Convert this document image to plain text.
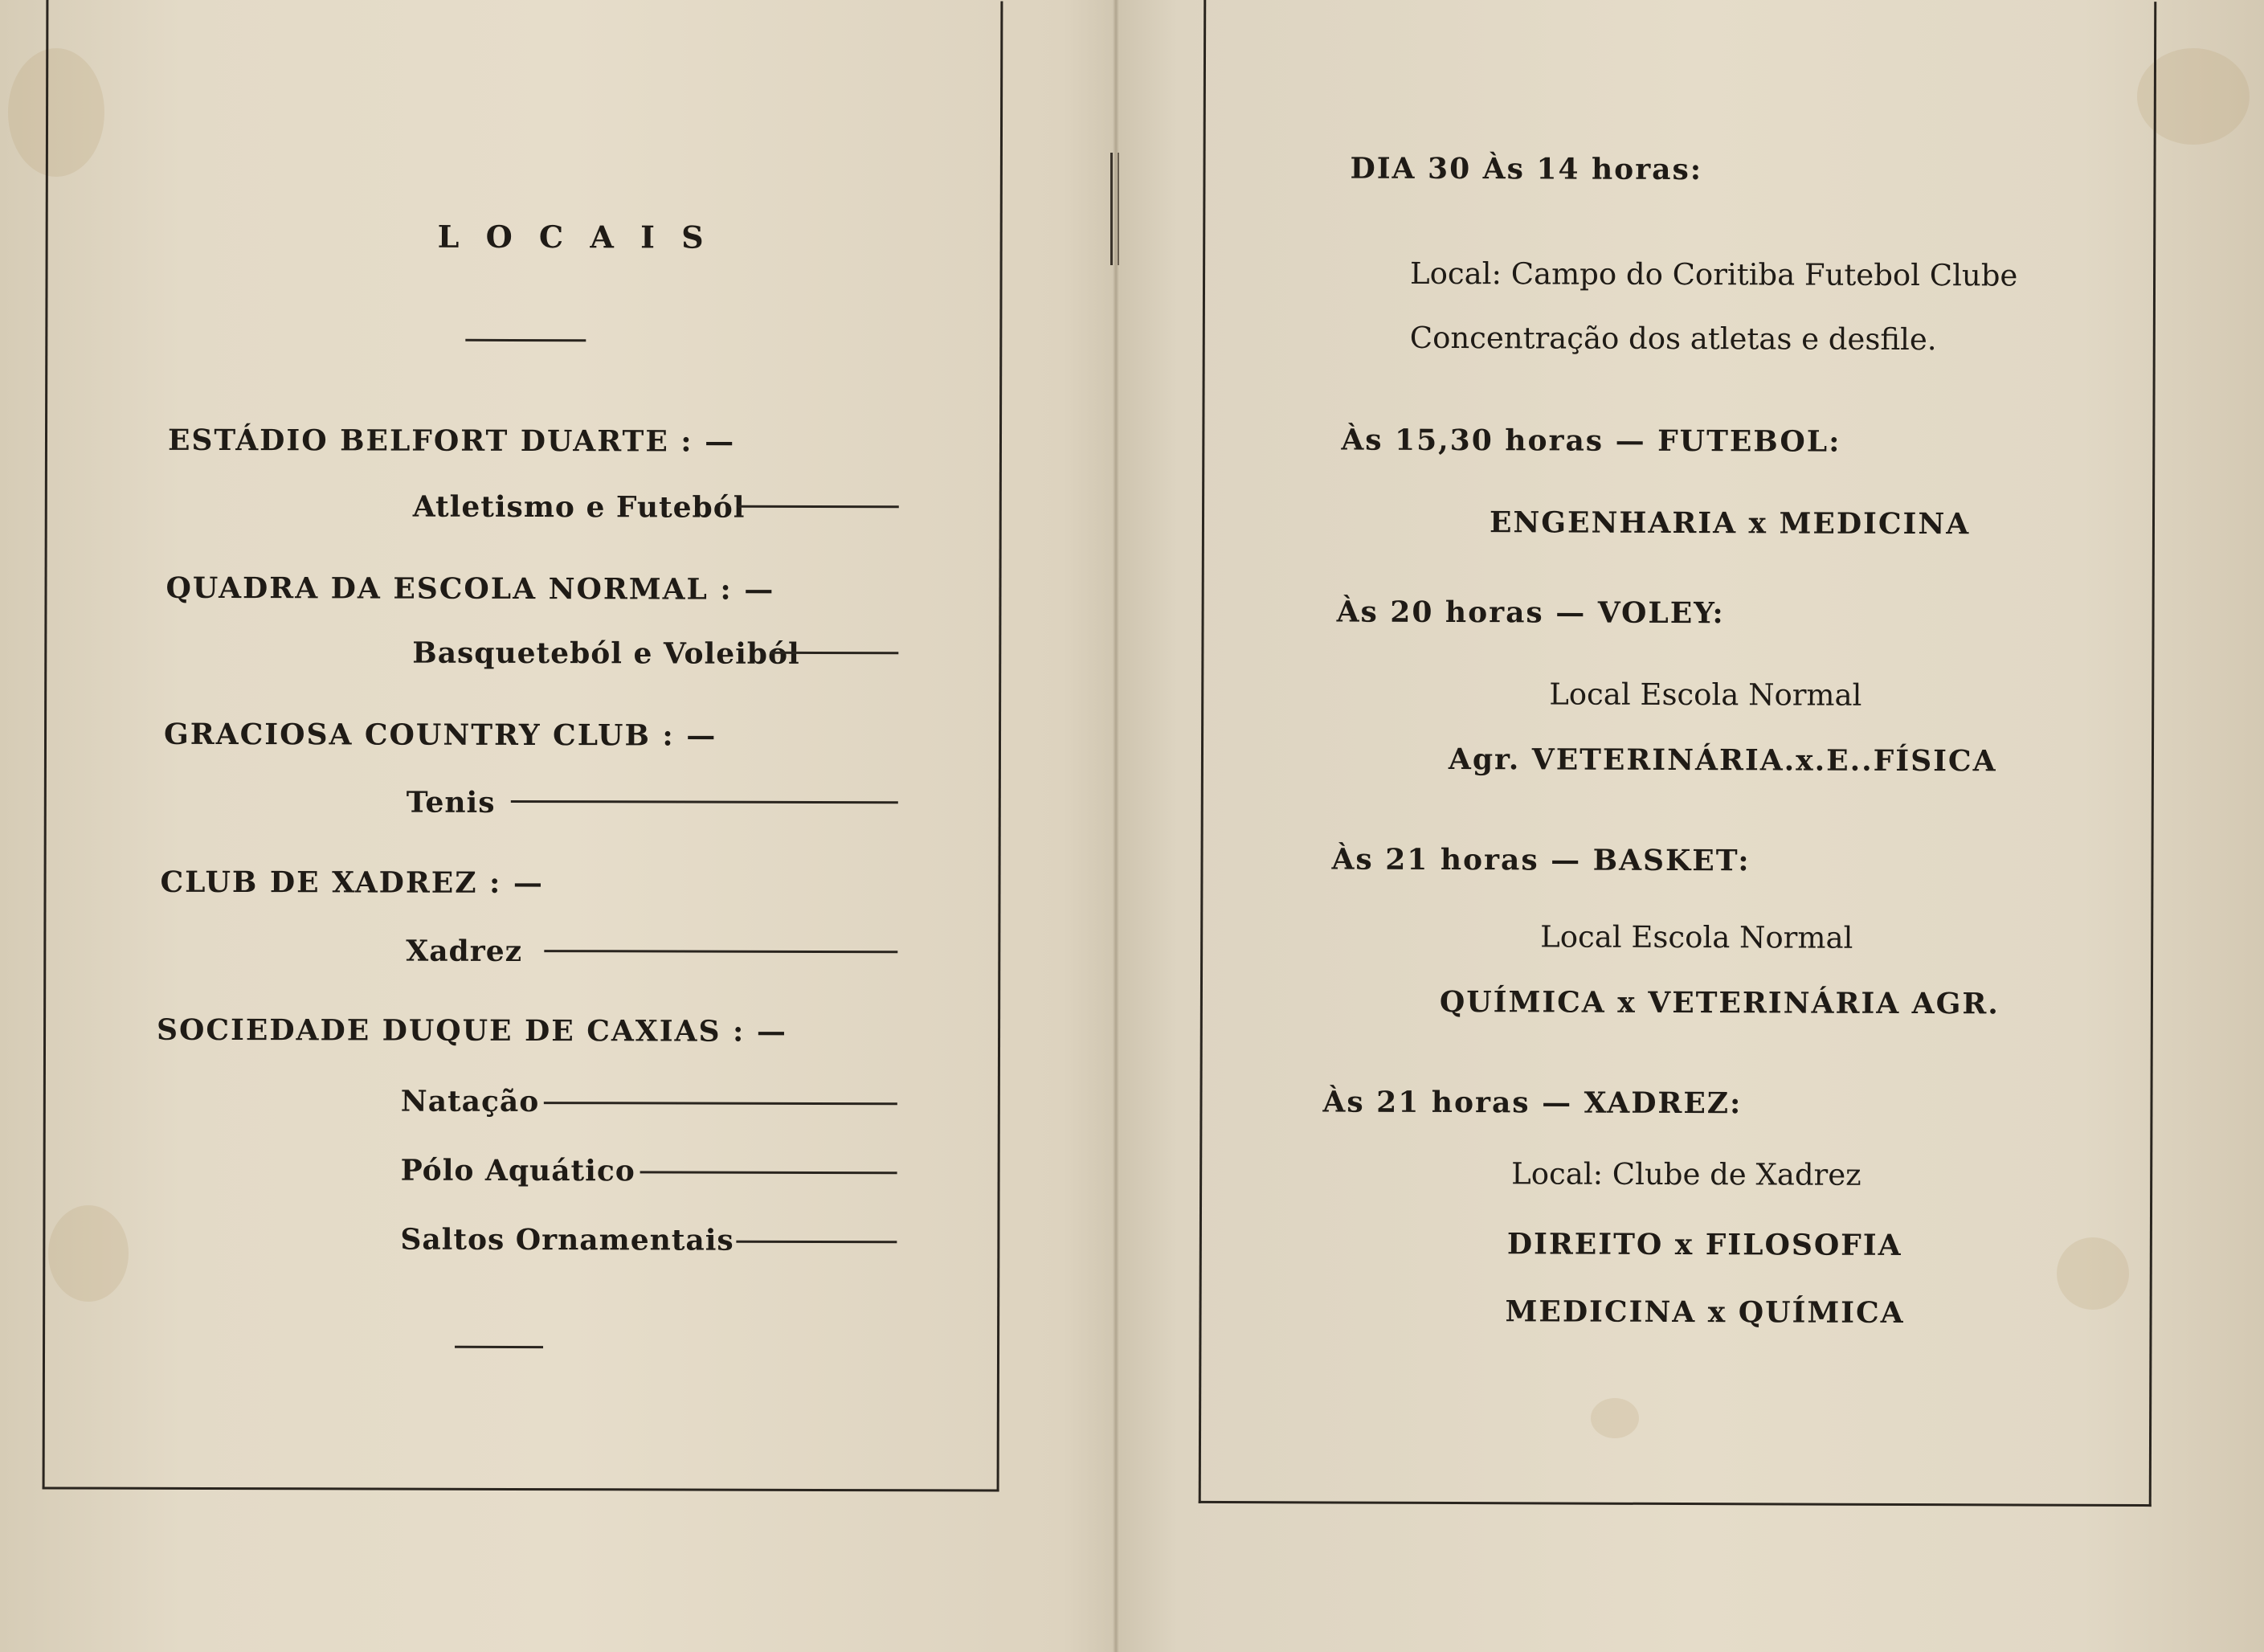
L O C A I S
ESTÁDIO BELFORT DUARTE : —
Atletismo e Futeból
QUADRA DA ESCOLA NORMAL : —
Basqueteból e Voleiból
GRACIOSA COUNTRY CLUB : —
Tenis
CLUB DE XADREZ : —
Xadrez
SOCIEDADE DUQUE DE CAXIAS : —
Natação
Pólo Aquático
Saltos Ornamentais
DIA 30 Às 14 horas:
Local: Campo do Coritiba Futebol Clube
Concentração dos atletas e desfile.
Às 15,30 horas — FUTEBOL:
ENGENHARIA x MEDICINA
Às 20 horas — VOLEY:
Local Escola Normal
Agr. VETERINÁRIA.x.E..FÍSICA
Às 21 horas — BASKET:
Local Escola Normal
QUÍMICA x VETERINÁRIA AGR.
Às 21 horas — XADREZ:
Local: Clube de Xadrez
DIREITO x FILOSOFIA
MEDICINA x QUÍMICA
